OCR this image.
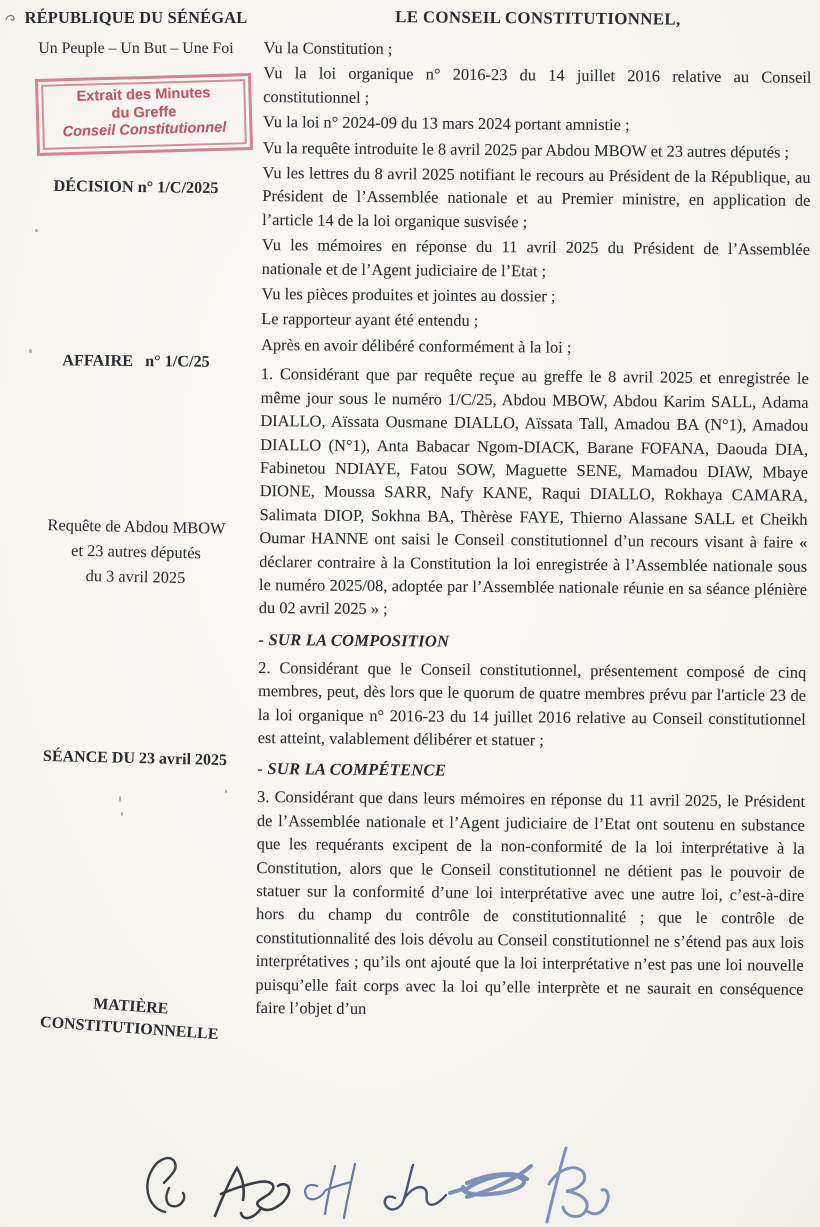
RÉPUBLIQUE DU SÉNÉGAL
Un Peuple – Un But – Une Foi
Extrait des Minutes
du Greffe
Conseil Constitutionnel
DÉCISION n° 1/C/2025
AFFAIRE   n° 1/C/25
Requête de Abdou MBOW
et 23 autres députés
du 3 avril 2025
SÉANCE DU 23 avril 2025
MATIÈRE
CONSTITUTIONNELLE
LE CONSEIL CONSTITUTIONNEL,

Vu la Constitution ;

Vu la loi organique n° 2016-23 du 14 juillet 2016 relative au Conseil constitutionnel ;

Vu la loi n° 2024-09 du 13 mars 2024 portant amnistie ;

Vu la requête introduite le 8 avril 2025 par Abdou MBOW et 23 autres députés ;

Vu les lettres du 8 avril 2025 notifiant le recours au Président de la République, au Président de l’Assemblée nationale et au Premier ministre, en application de l’article 14 de la loi organique susvisée ;

Vu les mémoires en réponse du 11 avril 2025 du Président de l’Assemblée nationale et de l’Agent judiciaire de l’Etat ;

Vu les pièces produites et jointes au dossier ;

Le rapporteur ayant été entendu ;

Après en avoir délibéré conformément à la loi ;

1. Considérant que par requête reçue au greffe le 8 avril 2025 et enregistrée le même jour sous le numéro 1/C/25, Abdou MBOW, Abdou Karim SALL, Adama DIALLO, Aïssata Ousmane DIALLO, Aïssata Tall, Amadou BA (N°1), Amadou DIALLO (N°1), Anta Babacar Ngom-DIACK, Barane FOFANA, Daouda DIA, Fabinetou NDIAYE, Fatou SOW, Maguette SENE, Mamadou DIAW, Mbaye DIONE, Moussa SARR, Nafy KANE, Raqui DIALLO, Rokhaya CAMARA, Salimata DIOP, Sokhna BA, Thèrèse FAYE, Thierno Alassane SALL et Cheikh Oumar HANNE ont saisi le Conseil constitutionnel d’un recours visant à faire « déclarer contraire à la Constitution la loi enregistrée à l’Assemblée nationale sous le numéro 2025/08, adoptée par l’Assemblée nationale réunie en sa séance plénière du 02 avril 2025 » ;

- SUR LA COMPOSITION

2. Considérant que le Conseil constitutionnel, présentement composé de cinq membres, peut, dès lors que le quorum de quatre membres prévu par l'article 23 de la loi organique n° 2016-23 du 14 juillet 2016 relative au Conseil constitutionnel est atteint, valablement délibérer et statuer ;

- SUR LA COMPÉTENCE

3. Considérant que dans leurs mémoires en réponse du 11 avril 2025, le Président de l’Assemblée nationale et l’Agent judiciaire de l’Etat ont soutenu en substance que les requérants excipent de la non-conformité de la loi interprétative à la Constitution, alors que le Conseil constitutionnel ne détient pas le pouvoir de statuer sur la conformité d’une loi interprétative avec une autre loi, c’est-à-dire hors du champ du contrôle de constitutionnalité ; que le contrôle de constitutionnalité des lois dévolu au Conseil constitutionnel ne s’étend pas aux lois interprétatives ; qu’ils ont ajouté que la loi interprétative n’est pas une loi nouvelle puisqu’elle fait corps avec la loi qu’elle interprète et ne saurait en conséquence faire l’objet d’un
